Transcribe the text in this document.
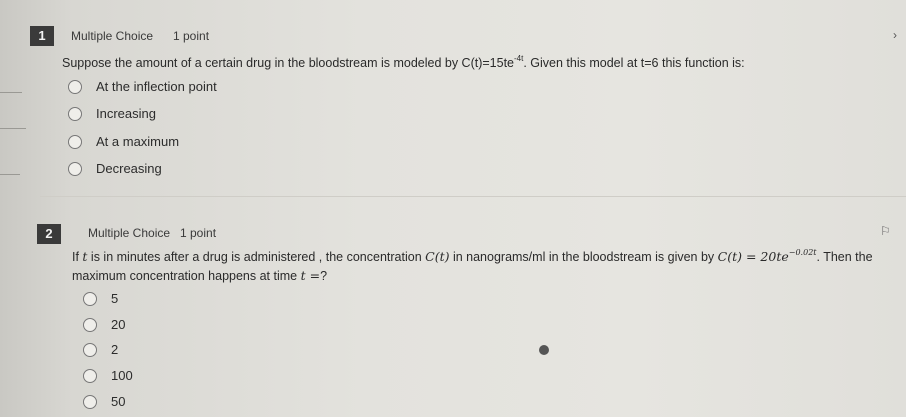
1	Multiple Choice 1 point	›
Suppose the amount of a certain drug in the bloodstream is modeled by $C(t)=15te^{-4t}$. Given this model at t=6 this function is:
At the inflection point
Increasing
At a maximum
Decreasing
2	Multiple Choice 1 point	⚐
If t is in minutes after a drug is administered , the concentration C(t) in nanograms/ml in the bloodstream is given by $C(t) = 20te^{-0.02t}$. Then the
maximum concentration happens at time t =?
5
20
2
100
50
